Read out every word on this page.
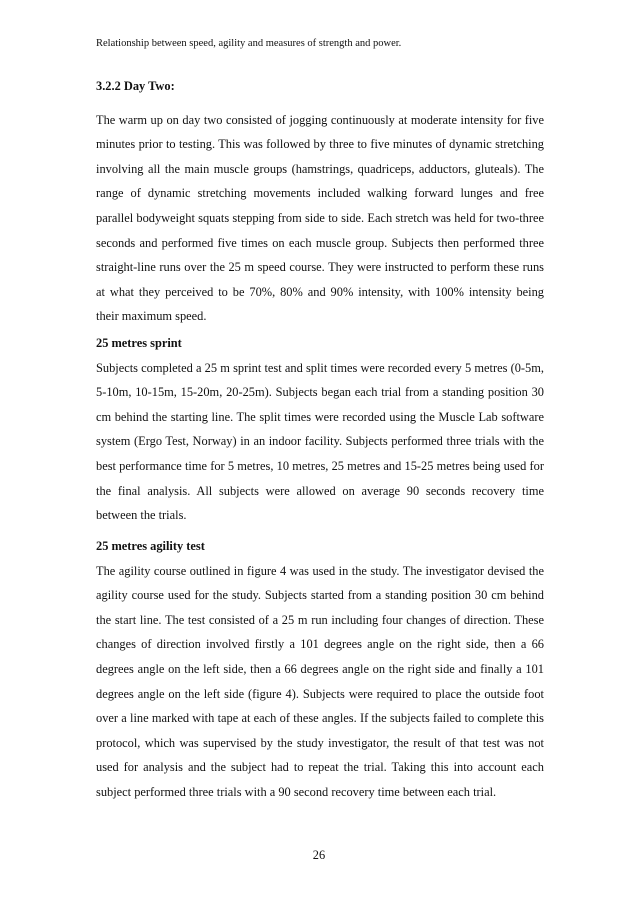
Relationship between speed, agility and measures of strength and power.

3.2.2 Day Two:

The warm up on day two consisted of jogging continuously at moderate intensity for five minutes prior to testing. This was followed by three to five minutes of dynamic stretching involving all the main muscle groups (hamstrings, quadriceps, adductors, gluteals). The range of dynamic stretching movements included walking forward lunges and free parallel bodyweight squats stepping from side to side. Each stretch was held for two-three seconds and performed five times on each muscle group. Subjects then performed three straight-line runs over the 25 m speed course. They were instructed to perform these runs at what they perceived to be 70%, 80% and 90% intensity, with 100% intensity being their maximum speed.

25 metres sprint

Subjects completed a 25 m sprint test and split times were recorded every 5 metres (0-5m, 5-10m, 10-15m, 15-20m, 20-25m). Subjects began each trial from a standing position 30 cm behind the starting line. The split times were recorded using the Muscle Lab software system (Ergo Test, Norway) in an indoor facility. Subjects performed three trials with the best performance time for 5 metres, 10 metres, 25 metres and 15-25 metres being used for the final analysis. All subjects were allowed on average 90 seconds recovery time between the trials.

25 metres agility test

The agility course outlined in figure 4 was used in the study. The investigator devised the agility course used for the study. Subjects started from a standing position 30 cm behind the start line. The test consisted of a 25 m run including four changes of direction. These changes of direction involved firstly a 101 degrees angle on the right side, then a 66 degrees angle on the left side, then a 66 degrees angle on the right side and finally a 101 degrees angle on the left side (figure 4). Subjects were required to place the outside foot over a line marked with tape at each of these angles. If the subjects failed to complete this protocol, which was supervised by the study investigator, the result of that test was not used for analysis and the subject had to repeat the trial. Taking this into account each subject performed three trials with a 90 second recovery time between each trial.

26
